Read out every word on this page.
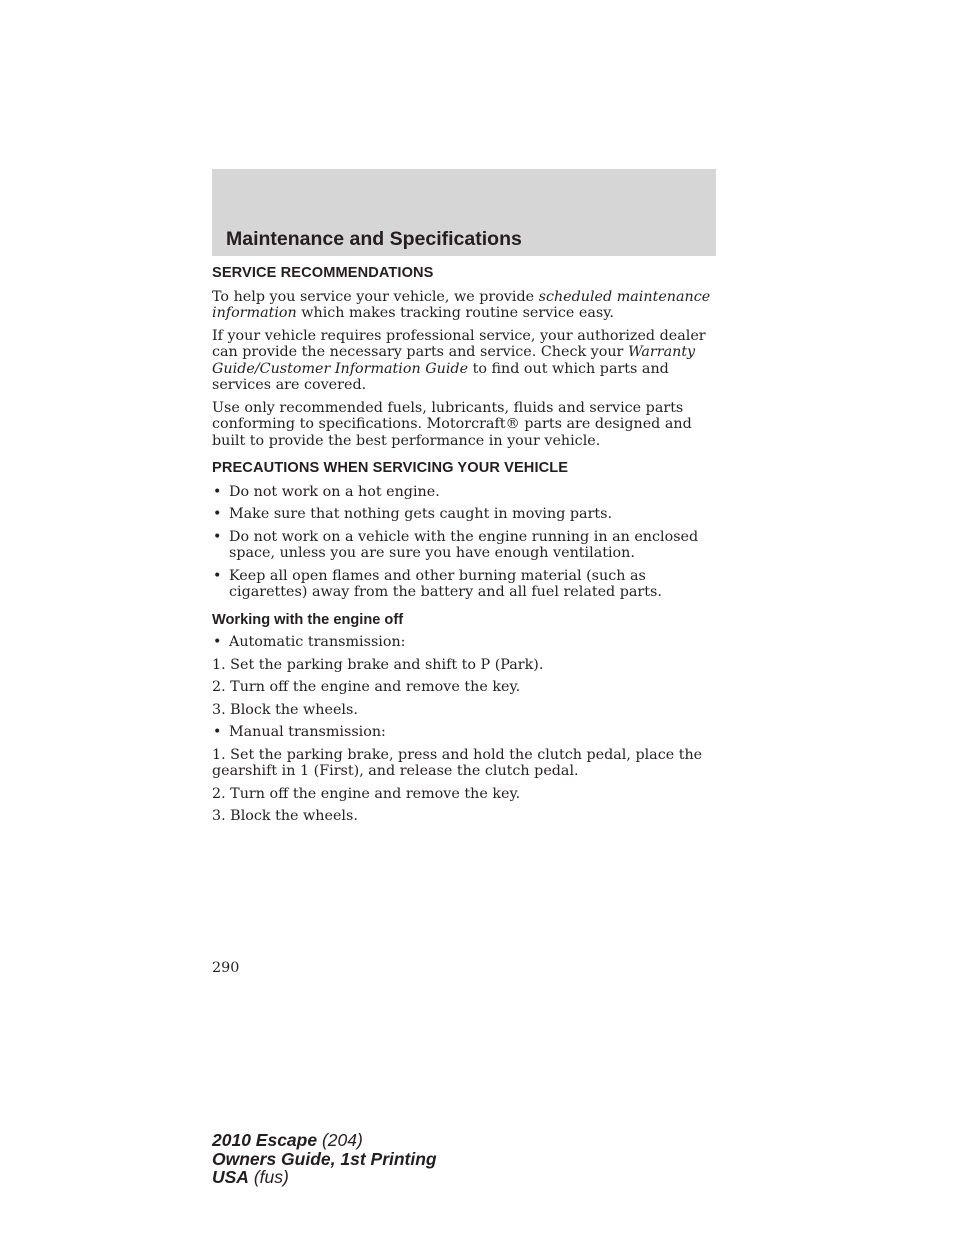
Maintenance and Specifications
SERVICE RECOMMENDATIONS

To help you service your vehicle, we provide scheduled maintenance information which makes tracking routine service easy.

If your vehicle requires professional service, your authorized dealer can provide the necessary parts and service. Check your Warranty Guide/Customer Information Guide to find out which parts and services are covered.

Use only recommended fuels, lubricants, fluids and service parts conforming to specifications. Motorcraft® parts are designed and built to provide the best performance in your vehicle.

PRECAUTIONS WHEN SERVICING YOUR VEHICLE
• Do not work on a hot engine.
• Make sure that nothing gets caught in moving parts.
• Do not work on a vehicle with the engine running in an enclosed space, unless you are sure you have enough ventilation.
• Keep all open flames and other burning material (such as cigarettes) away from the battery and all fuel related parts.
Working with the engine off
• Automatic transmission:

1. Set the parking brake and shift to P (Park).

2. Turn off the engine and remove the key.

3. Block the wheels.

• Manual transmission:

1. Set the parking brake, press and hold the clutch pedal, place the gearshift in 1 (First), and release the clutch pedal.

2. Turn off the engine and remove the key.

3. Block the wheels.

290
2010 Escape (204)
Owners Guide, 1st Printing
USA (fus)
